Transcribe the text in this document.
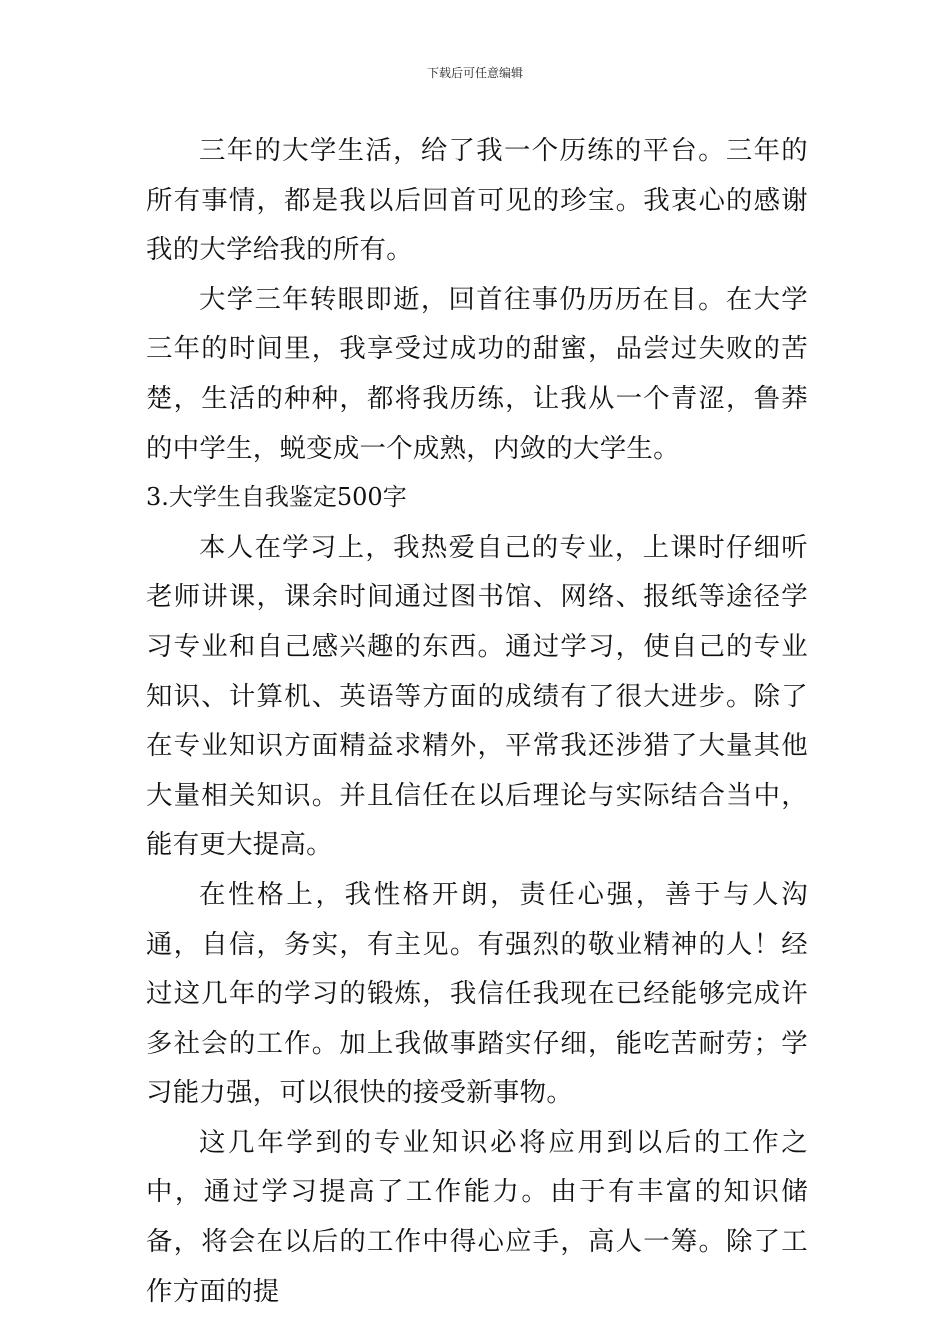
下载后可任意编辑

三年的大学生活，给了我一个历练的平台。三年的所有事情，都是我以后回首可见的珍宝。我衷心的感谢我的大学给我的所有。

大学三年转眼即逝，回首往事仍历历在目。在大学三年的时间里，我享受过成功的甜蜜，品尝过失败的苦楚，生活的种种，都将我历练，让我从一个青涩，鲁莽的中学生，蜕变成一个成熟，内敛的大学生。

3.大学生自我鉴定500字

本人在学习上，我热爱自己的专业，上课时仔细听老师讲课，课余时间通过图书馆、网络、报纸等途径学习专业和自己感兴趣的东西。通过学习，使自己的专业知识、计算机、英语等方面的成绩有了很大进步。除了在专业知识方面精益求精外，平常我还涉猎了大量其他大量相关知识。并且信任在以后理论与实际结合当中，能有更大提高。

在性格上，我性格开朗，责任心强，善于与人沟通，自信，务实，有主见。有强烈的敬业精神的人！经过这几年的学习的锻炼，我信任我现在已经能够完成许多社会的工作。加上我做事踏实仔细，能吃苦耐劳；学习能力强，可以很快的接受新事物。

这几年学到的专业知识必将应用到以后的工作之中，通过学习提高了工作能力。由于有丰富的知识储备，将会在以后的工作中得心应手，高人一筹。除了工作方面的提
